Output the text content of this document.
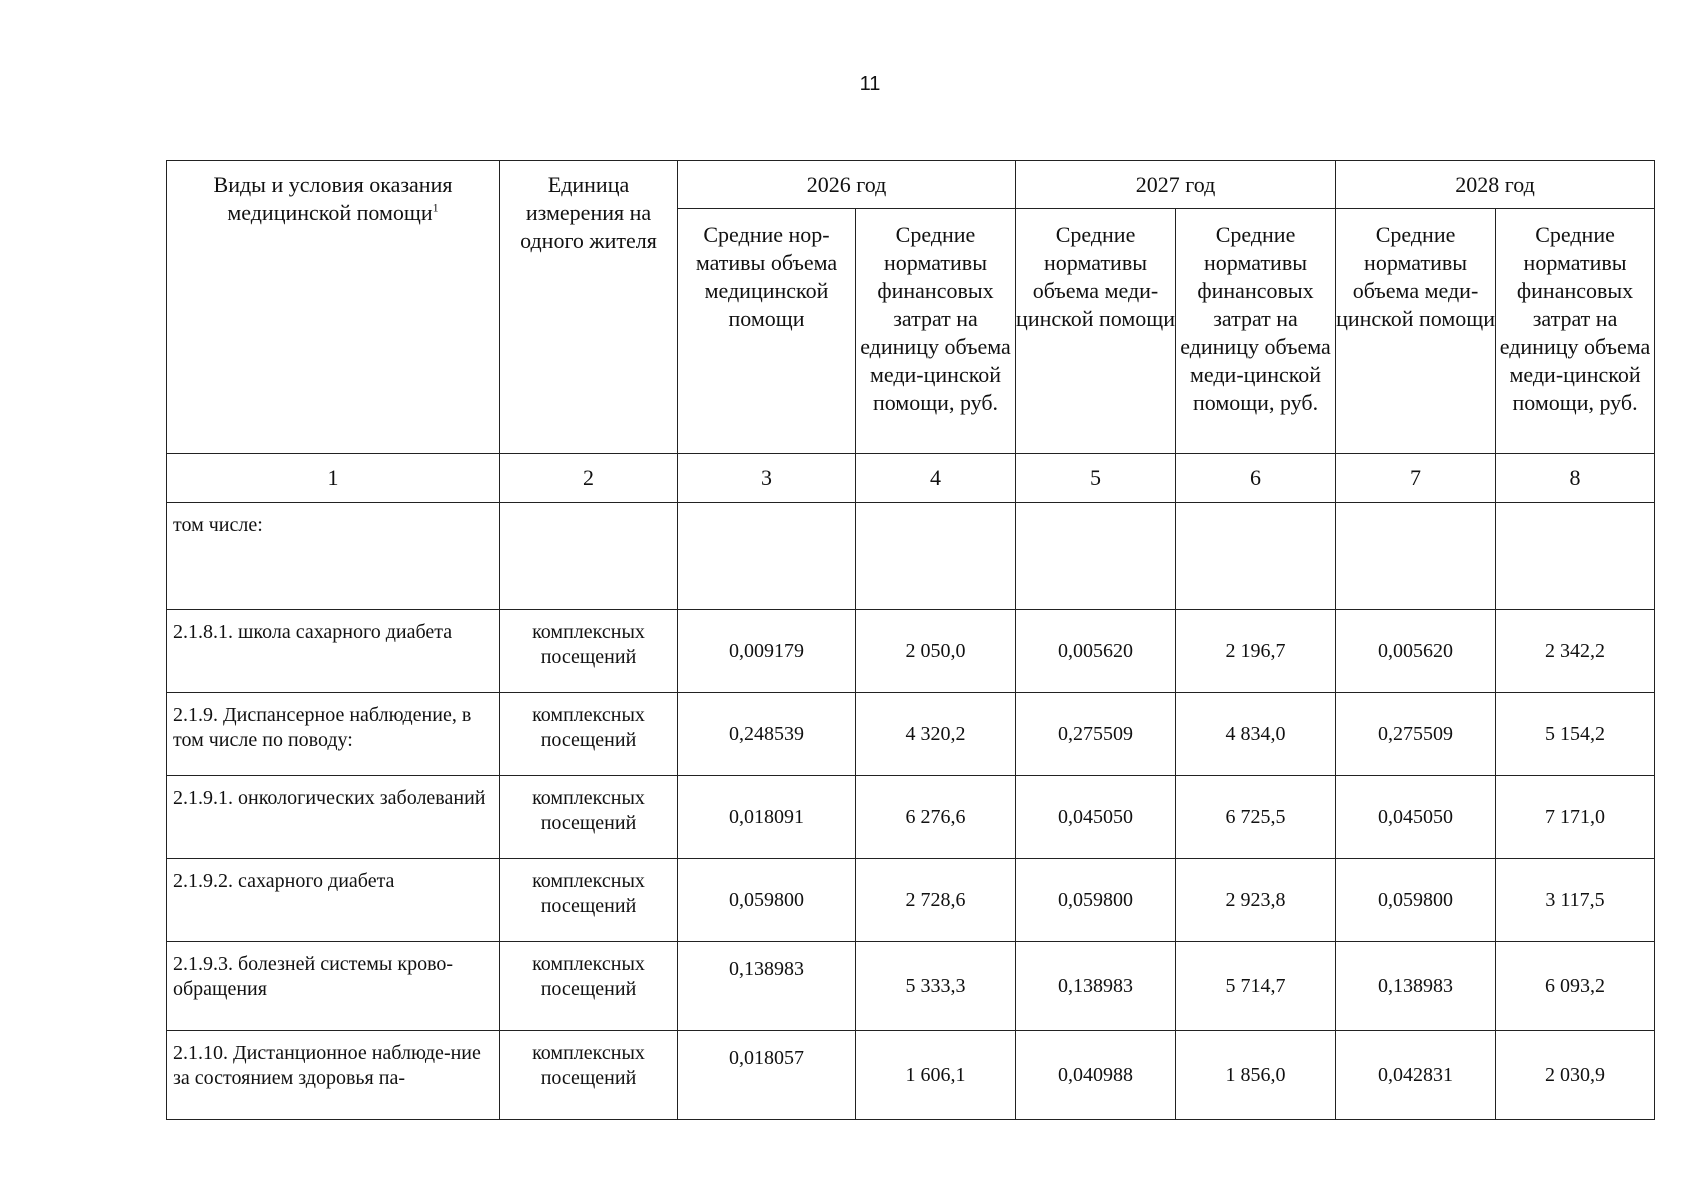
11
Виды и условия оказания медицинской помощи$^1$	Единица измерения на одного жителя	2026 год		2027 год		2028 год	
		Средние нор-мативы объема медицинской помощи	Средние нормативы финансовых затрат на единицу объема меди-цинской помощи, руб.	Средние нормативы объема меди-цинской помощи	Средние нормативы финансовых затрат на единицу объема меди-цинской помощи, руб.	Средние нормативы объема меди-цинской помощи	Средние нормативы финансовых затрат на единицу объема меди-цинской помощи, руб.
1	2	3	4	5	6	7	8
том числе:							
2.1.8.1. школа сахарного диабета	комплексных посещений	0,009179	2 050,0	0,005620	2 196,7	0,005620	2 342,2
2.1.9. Диспансерное наблюдение, в том числе по поводу:	комплексных посещений	0,248539	4 320,2	0,275509	4 834,0	0,275509	5 154,2
2.1.9.1. онкологических заболеваний	комплексных посещений	0,018091	6 276,6	0,045050	6 725,5	0,045050	7 171,0
2.1.9.2. сахарного диабета	комплексных посещений	0,059800	2 728,6	0,059800	2 923,8	0,059800	3 117,5
2.1.9.3. болезней системы крово-обращения	комплексных посещений	0,138983	5 333,3	0,138983	5 714,7	0,138983	6 093,2
2.1.10. Дистанционное наблюде-ние за состоянием здоровья па-	комплексных посещений	0,018057	1 606,1	0,040988	1 856,0	0,042831	2 030,9
